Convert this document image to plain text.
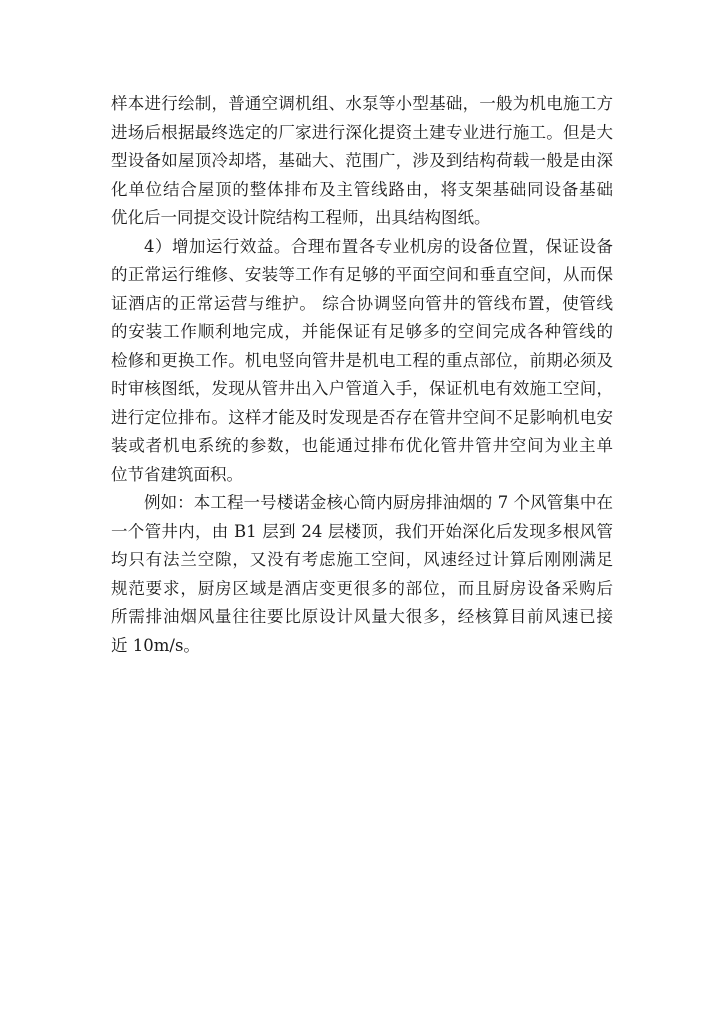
样本进行绘制，普通空调机组、水泵等小型基础，一般为机电施工方
进场后根据最终选定的厂家进行深化提资土建专业进行施工。但是大
型设备如屋顶冷却塔，基础大、范围广，涉及到结构荷载一般是由深
化单位结合屋顶的整体排布及主管线路由，将支架基础同设备基础
优化后一同提交设计院结构工程师，出具结构图纸。
4）增加运行效益。合理布置各专业机房的设备位置，保证设备
的正常运行维修、安装等工作有足够的平面空间和垂直空间，从而保
证酒店的正常运营与维护。 综合协调竖向管井的管线布置，使管线
的安装工作顺利地完成，并能保证有足够多的空间完成各种管线的
检修和更换工作。机电竖向管井是机电工程的重点部位，前期必须及
时审核图纸，发现从管井出入户管道入手，保证机电有效施工空间，
进行定位排布。这样才能及时发现是否存在管井空间不足影响机电安
装或者机电系统的参数，也能通过排布优化管井管井空间为业主单
位节省建筑面积。
例如：本工程一号楼诺金核心筒内厨房排油烟的 7 个风管集中在
一个管井内，由 B1 层到 24 层楼顶，我们开始深化后发现多根风管
均只有法兰空隙，又没有考虑施工空间，风速经过计算后刚刚满足
规范要求，厨房区域是酒店变更很多的部位，而且厨房设备采购后
所需排油烟风量往往要比原设计风量大很多，经核算目前风速已接
近 10m/s。
